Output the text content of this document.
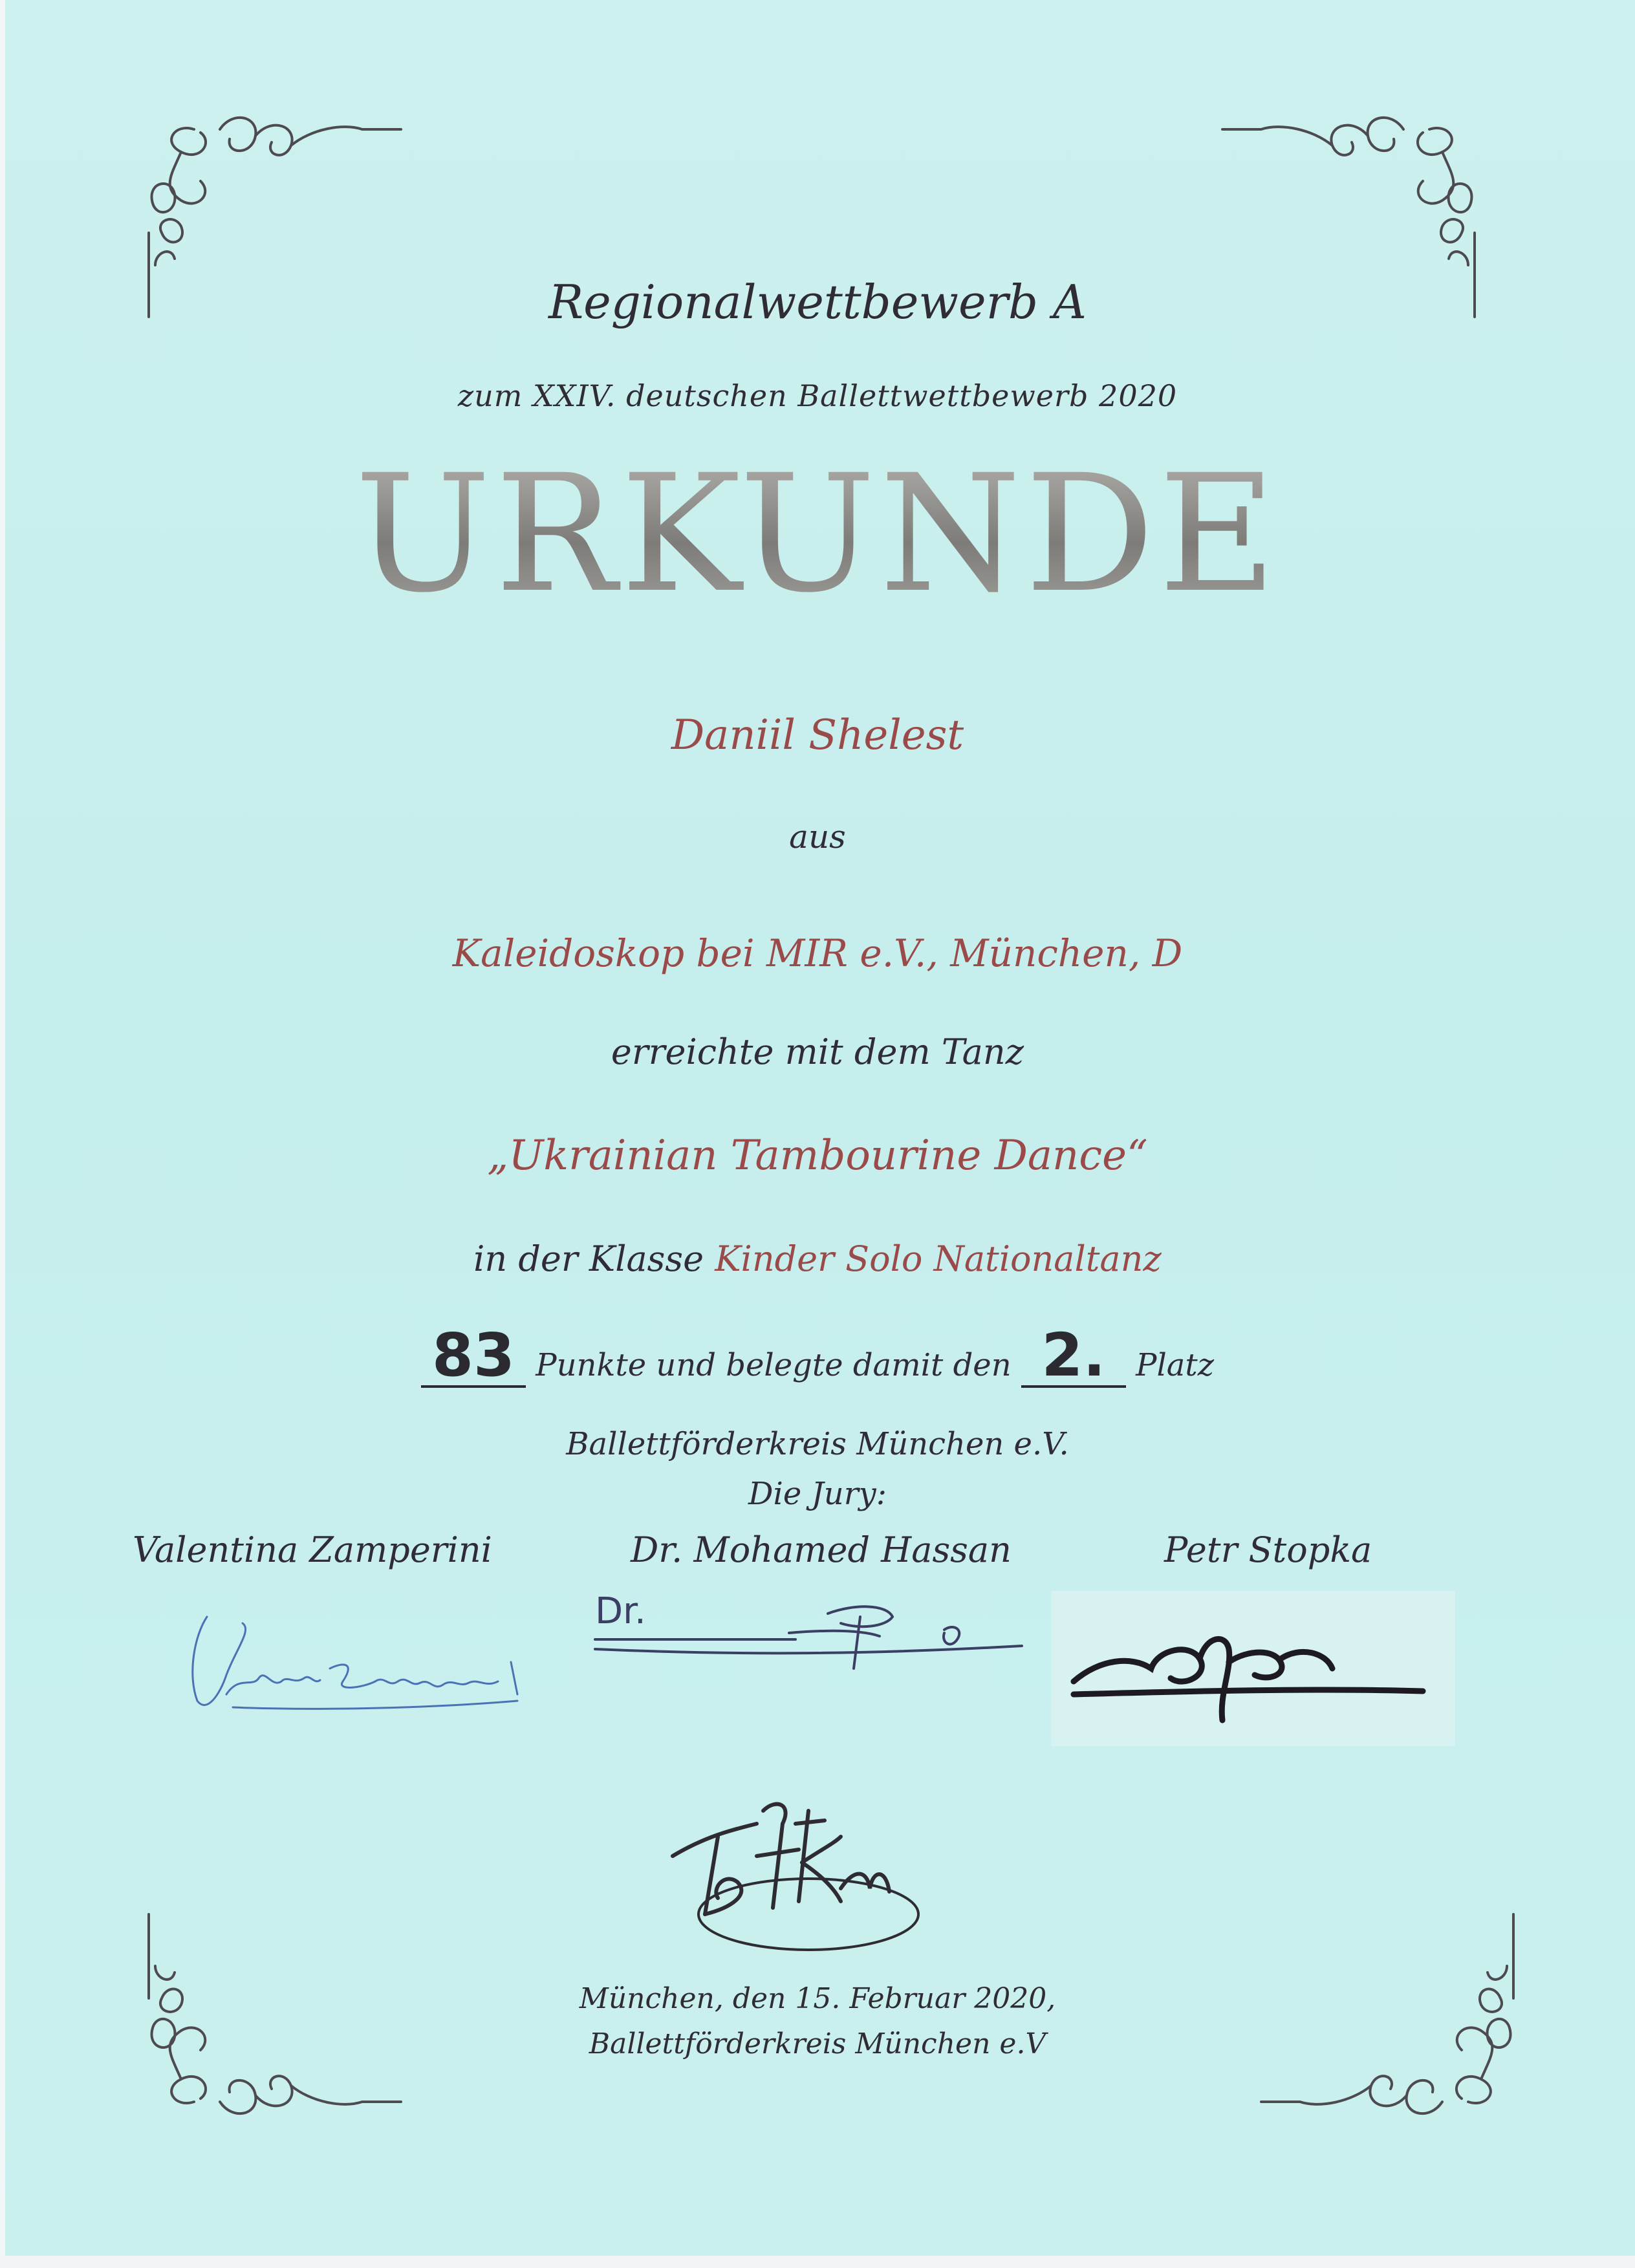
Regionalwettbewerb A
zum XXIV. deutschen Ballettwettbewerb 2020
URKUNDE
Daniil Shelest
aus
Kaleidoskop bei MIR e.V., München, D
erreichte mit dem Tanz
„Ukrainian Tambourine Dance“
in der Klasse Kinder Solo Nationaltanz
83 Punkte und belegte damit den 2. Platz
Ballettförderkreis München e.V.
Die Jury:
Valentina Zamperini	Dr. Mohamed Hassan	Petr Stopka
Dr.
München, den 15. Februar 2020,
Ballettförderkreis München e.V
